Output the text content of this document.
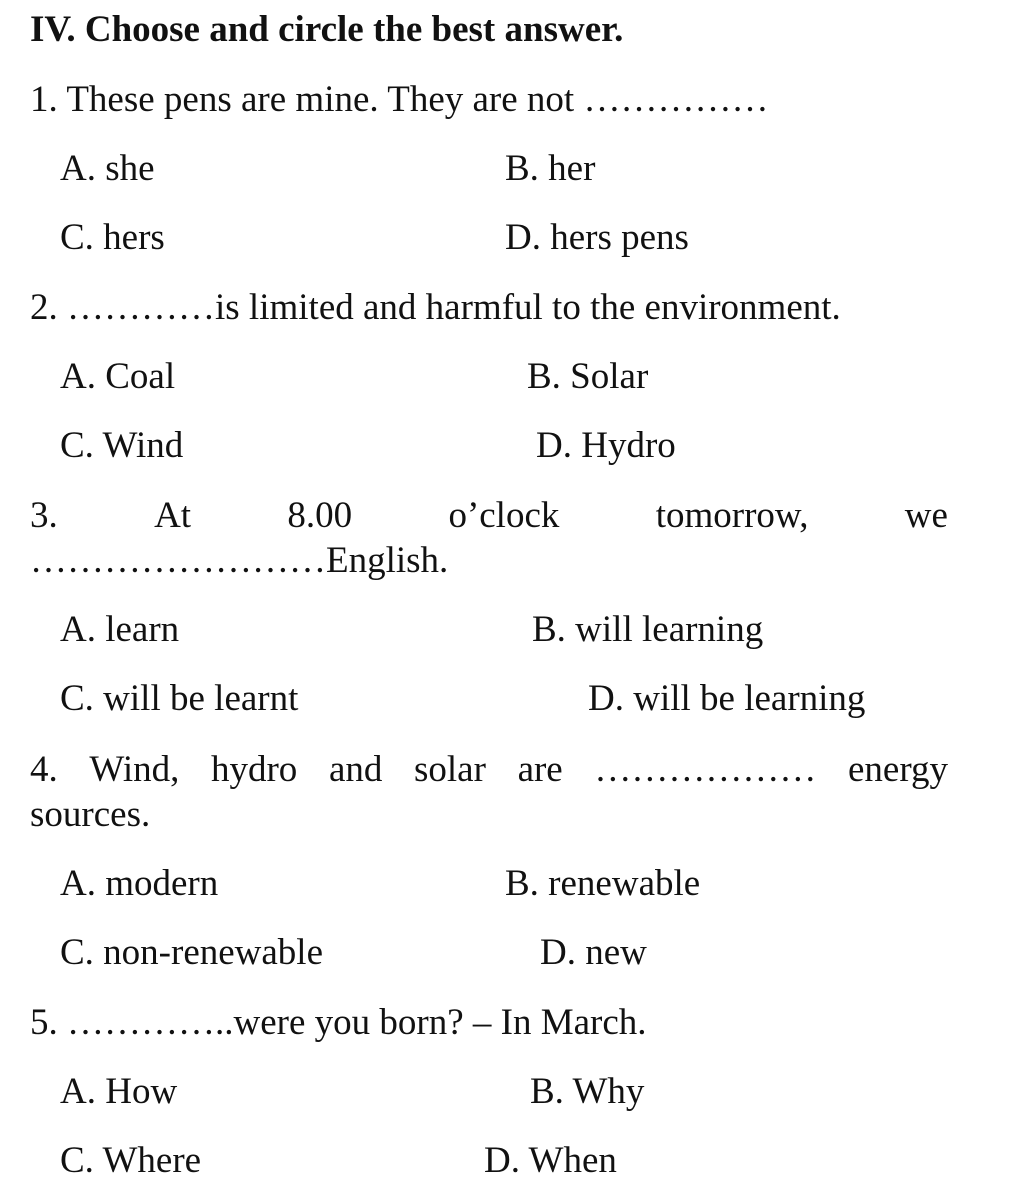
IV. Choose and circle the best answer.
1. These pens are mine. They are not ……………
A. she	B. her
C. hers	D. hers pens
2. …………is limited and harmful to the environment.
A. Coal	B. Solar
C. Wind	D. Hydro
3.	At	8.00	o’clock	tomorrow,	we
……………………English.
A. learn	B. will learning
C. will be learnt	D. will be learning
4. Wind, hydro and solar are ……………… energy
sources.
A. modern	B. renewable
C. non-renewable	D. new
5. …………..were you born? – In March.
A. How	B. Why
C. Where	D. When
